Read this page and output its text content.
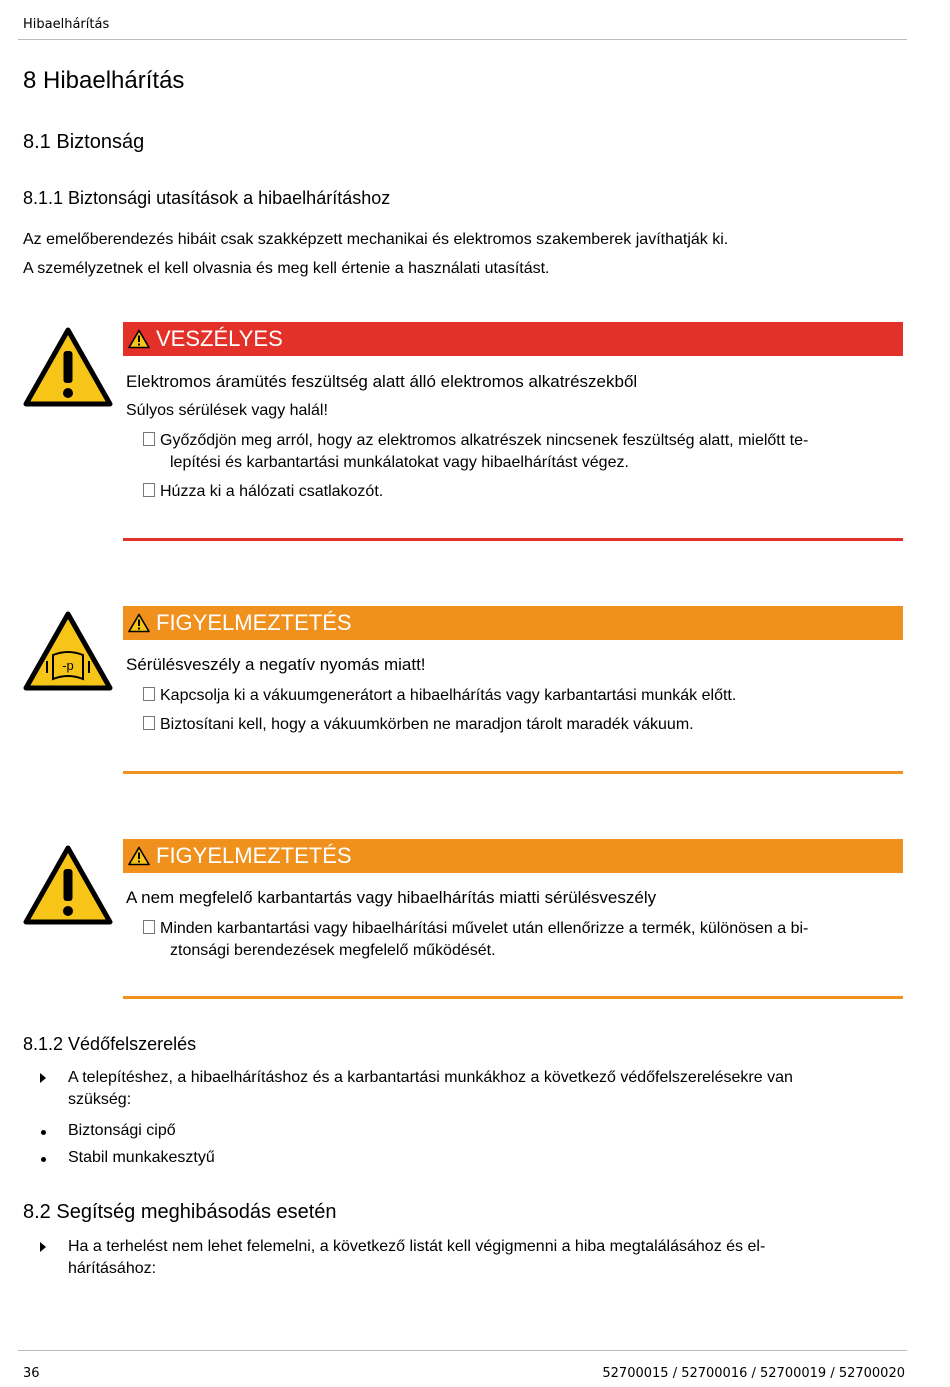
Hibaelhárítás
8 Hibaelhárítás
8.1 Biztonság
8.1.1 Biztonsági utasítások a hibaelhárításhoz
Az emelőberendezés hibáit csak szakképzett mechanikai és elektromos szakemberek javíthatják ki.
A személyzetnek el kell olvasnia és meg kell értenie a használati utasítást.
VESZÉLYES
Elektromos áramütés feszültség alatt álló elektromos alkatrészekből
Súlyos sérülések vagy halál!
Győződjön meg arról, hogy az elektromos alkatrészek nincsenek feszültség alatt, mielőtt te-
lepítési és karbantartási munkálatokat vagy hibaelhárítást végez.
Húzza ki a hálózati csatlakozót.
-p
FIGYELMEZTETÉS
Sérülésveszély a negatív nyomás miatt!
Kapcsolja ki a vákuumgenerátort a hibaelhárítás vagy karbantartási munkák előtt.
Biztosítani kell, hogy a vákuumkörben ne maradjon tárolt maradék vákuum.
FIGYELMEZTETÉS
A nem megfelelő karbantartás vagy hibaelhárítás miatti sérülésveszély
Minden karbantartási vagy hibaelhárítási művelet után ellenőrizze a termék, különösen a bi-
ztonsági berendezések megfelelő működését.
8.1.2 Védőfelszerelés
A telepítéshez, a hibaelhárításhoz és a karbantartási munkákhoz a következő védőfelszerelésekre van
szükség:
Biztonsági cipő
Stabil munkakesztyű
8.2 Segítség meghibásodás esetén
Ha a terhelést nem lehet felemelni, a következő listát kell végigmenni a hiba megtalálásához és el-
hárításához:
36	52700015 / 52700016 / 52700019 / 52700020
